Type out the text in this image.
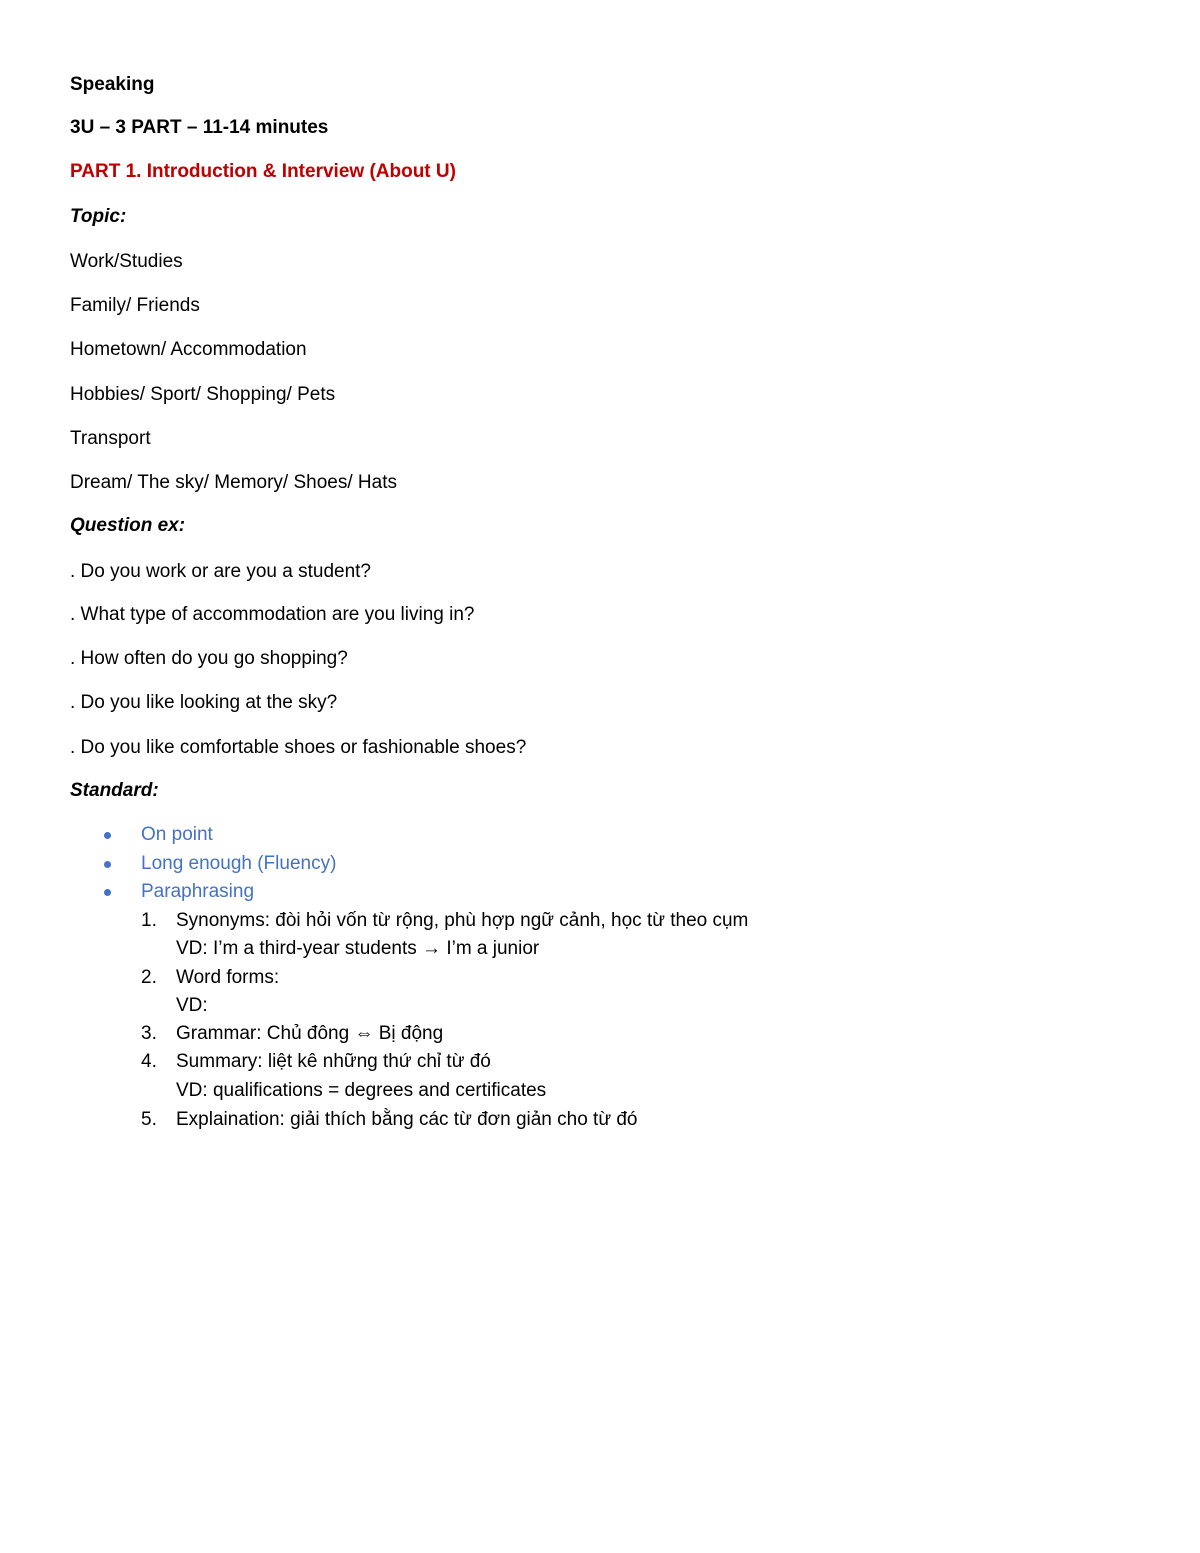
Speaking
3U – 3 PART – 11-14 minutes
PART 1. Introduction & Interview (About U)
Topic:
Work/Studies
Family/ Friends
Hometown/ Accommodation
Hobbies/ Sport/ Shopping/ Pets
Transport
Dream/ The sky/ Memory/ Shoes/ Hats
Question ex:
. Do you work or are you a student?
. What type of accommodation are you living in?
. How often do you go shopping?
. Do you like looking at the sky?
. Do you like comfortable shoes or fashionable shoes?
Standard:
On point
Long enough (Fluency)
Paraphrasing
1. Synonyms: đòi hỏi vốn từ rộng, phù hợp ngữ cảnh, học từ theo cụm
VD: I’m a third-year students → I’m a junior
2. Word forms:
VD:
3. Grammar: Chủ đông ⇔ Bị động
4. Summary: liệt kê những thứ chỉ từ đó
VD: qualifications = degrees and certificates
5. Explaination: giải thích bằng các từ đơn giản cho từ đó
